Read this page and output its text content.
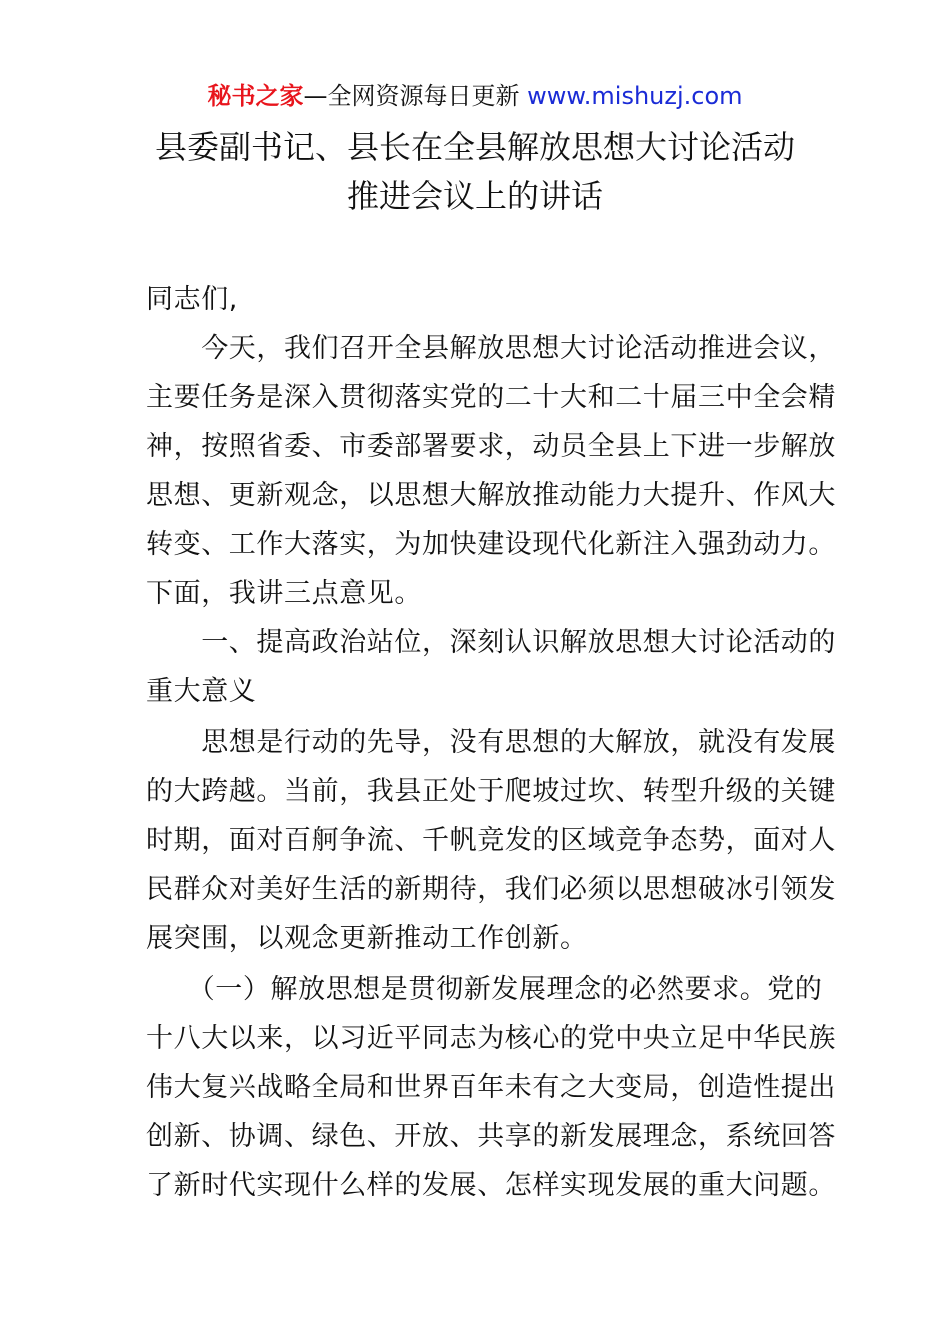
秘书之家—全网资源每日更新 www.mishuzj.com
县委副书记、县长在全县解放思想大讨论活动
推进会议上的讲话
同志们,
　　今天，我们召开全县解放思想大讨论活动推进会议，
主要任务是深入贯彻落实党的二十大和二十届三中全会精
神，按照省委、市委部署要求，动员全县上下进一步解放
思想、更新观念，以思想大解放推动能力大提升、作风大
转变、工作大落实，为加快建设现代化新注入强劲动力。
下面，我讲三点意见。
　　一、提高政治站位，深刻认识解放思想大讨论活动的
重大意义
　　思想是行动的先导，没有思想的大解放，就没有发展
的大跨越。当前，我县正处于爬坡过坎、转型升级的关键
时期，面对百舸争流、千帆竞发的区域竞争态势，面对人
民群众对美好生活的新期待，我们必须以思想破冰引领发
展突围，以观念更新推动工作创新。
　　（一）解放思想是贯彻新发展理念的必然要求。党的
十八大以来，以习近平同志为核心的党中央立足中华民族
伟大复兴战略全局和世界百年未有之大变局，创造性提出
创新、协调、绿色、开放、共享的新发展理念，系统回答
了新时代实现什么样的发展、怎样实现发展的重大问题。
